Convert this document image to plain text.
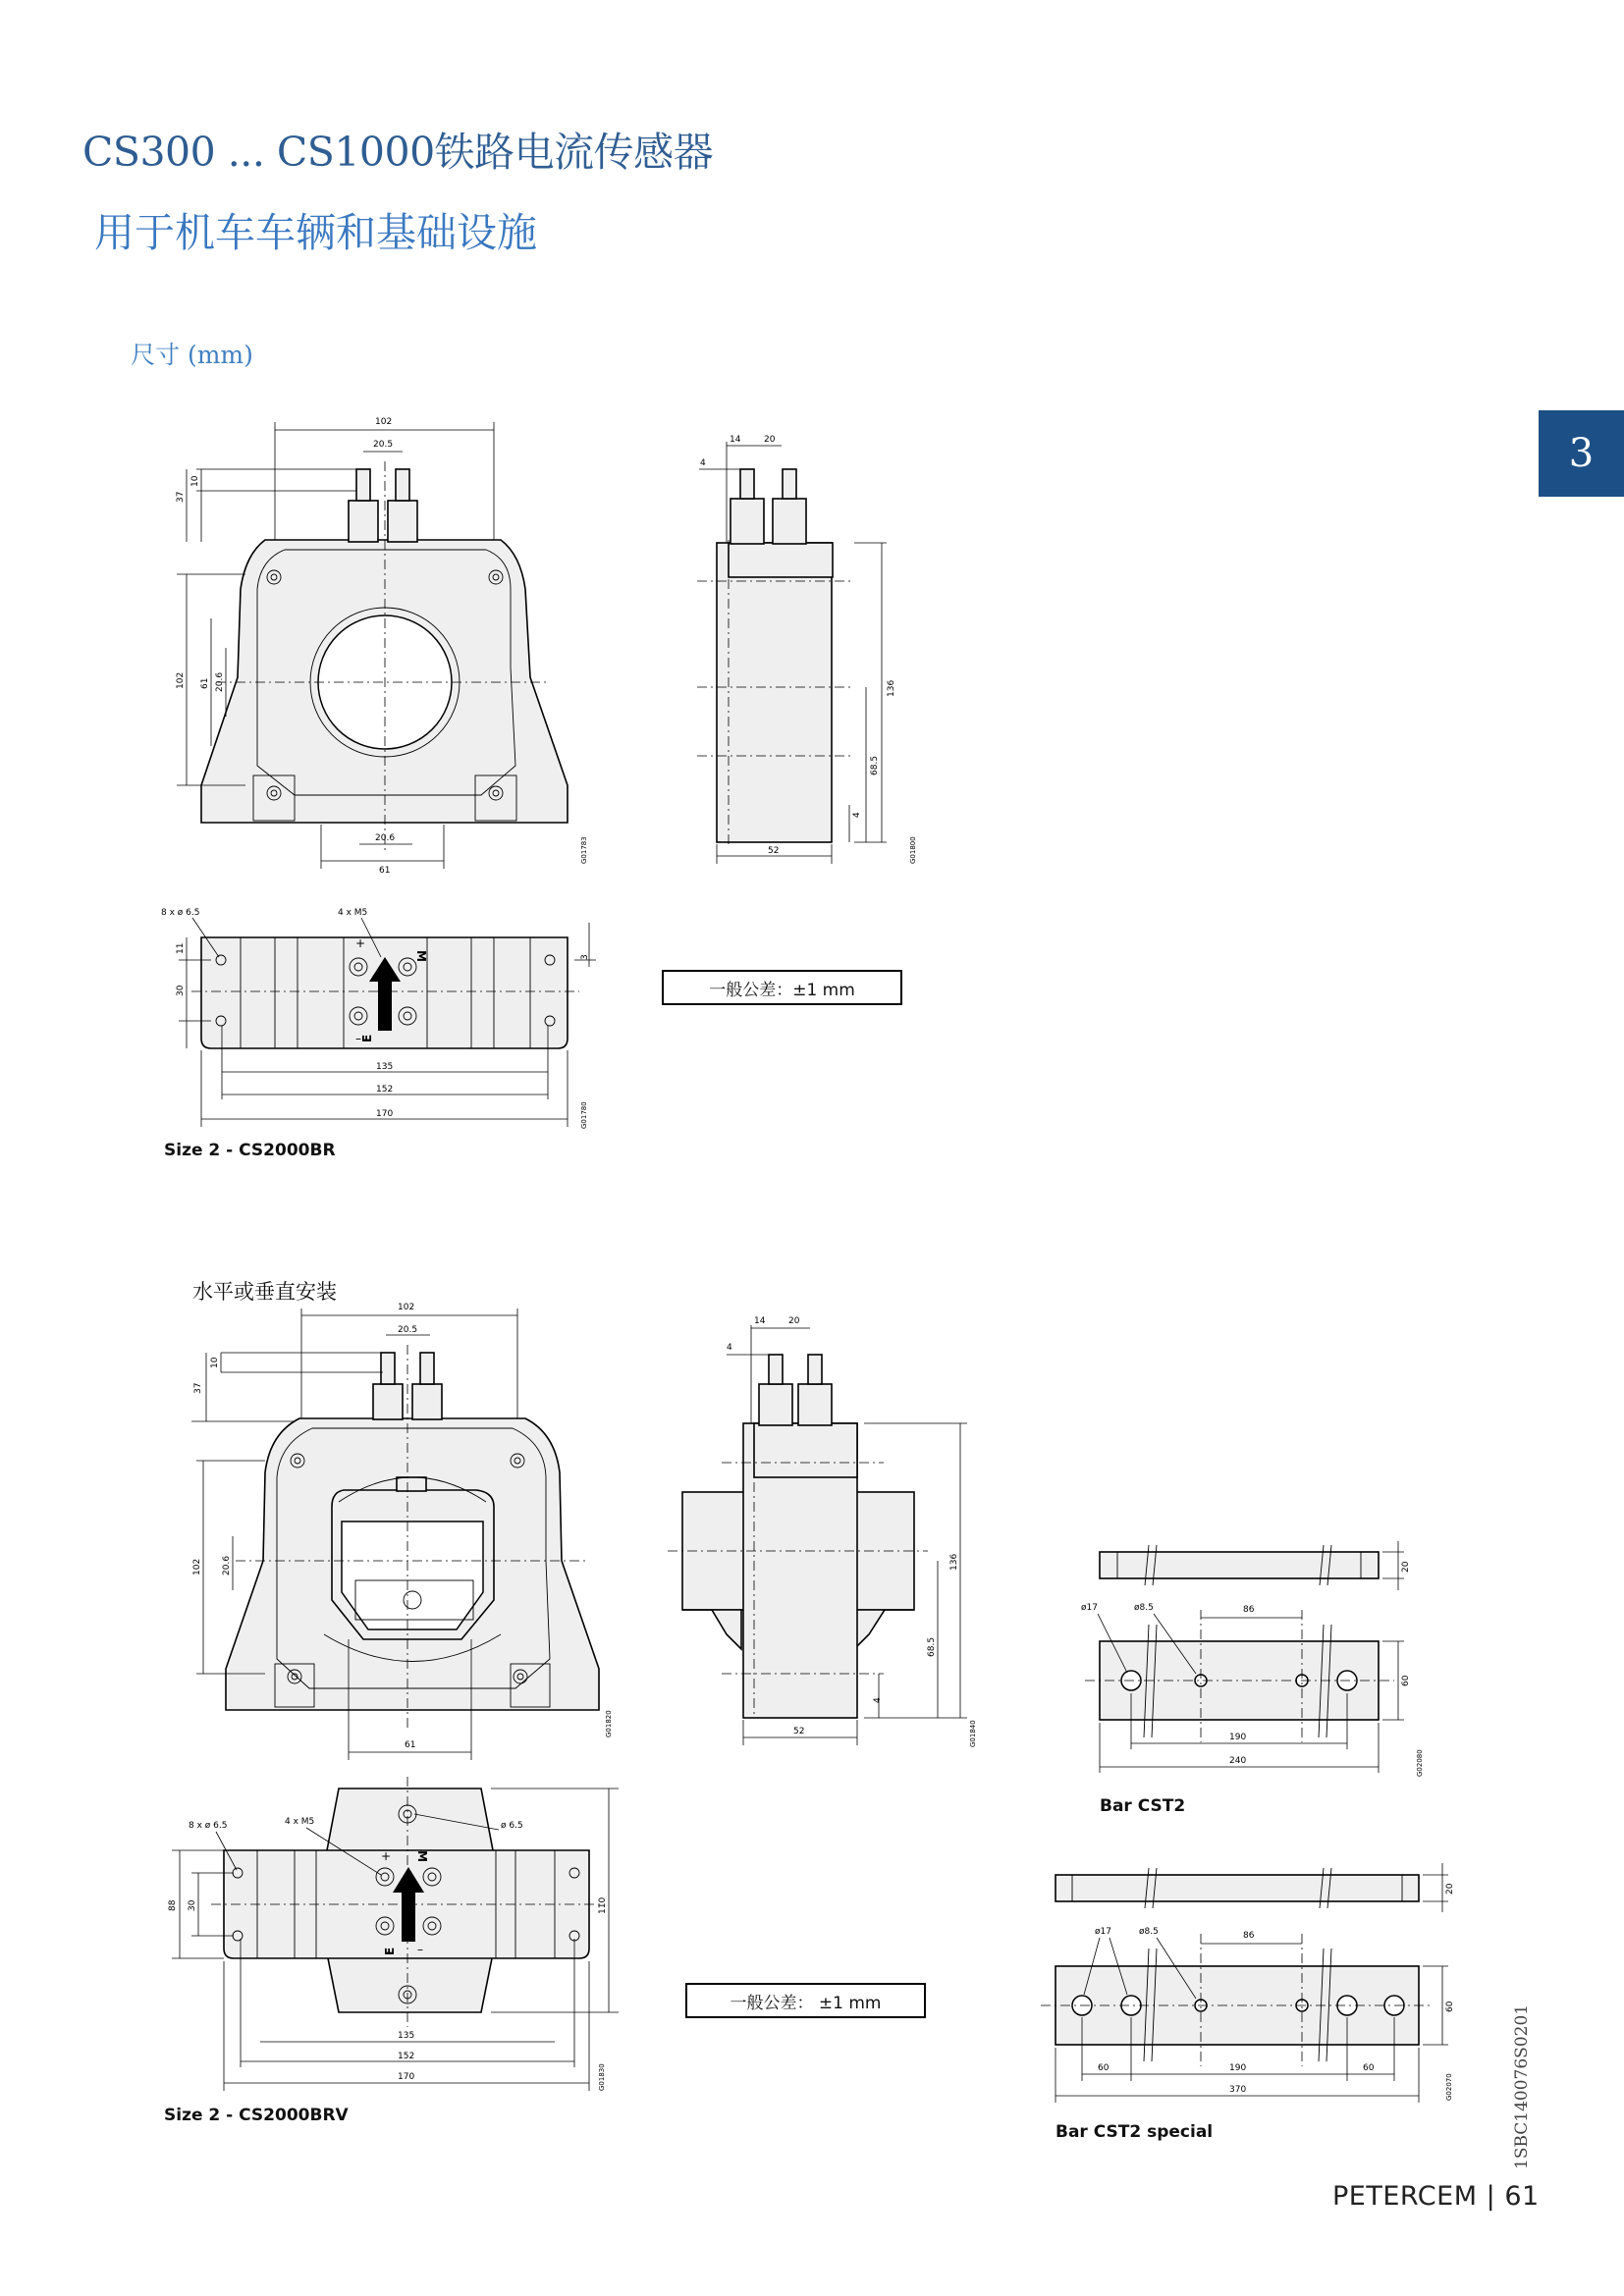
CS300 ... CS1000铁路电流传感器
用于机车车辆和基础设施
尺寸 (mm)
3
102
20.5
37
10
102 61 20.6
20.6
61
G01783
14	20
4
136
68.5
4
52	G01800
+
–
M
E
8 x ø 6.5	4 x M5
11
30
3
135
152
170	G01780
102
20.5
37
10
102 20.6
61
G01820
14	20
4
136
68.5
4
52	G01840
+
–
M
E
8 x ø 6.5	4 x M5	ø 6.5
88 30	110
135
152
170	G01830
ø17	ø8.5	86
20
60
190
240	G02080
ø17	ø8.5	86
20
60
60	190	60
370	G02070
一般公差：±1 mm
Size 2 - CS2000BR
水平或垂直安装
一般公差： ±1 mm
Size 2 - CS2000BRV
Bar CST2
Bar CST2 special	1SBC140076S0201
PETERCEM | 61
